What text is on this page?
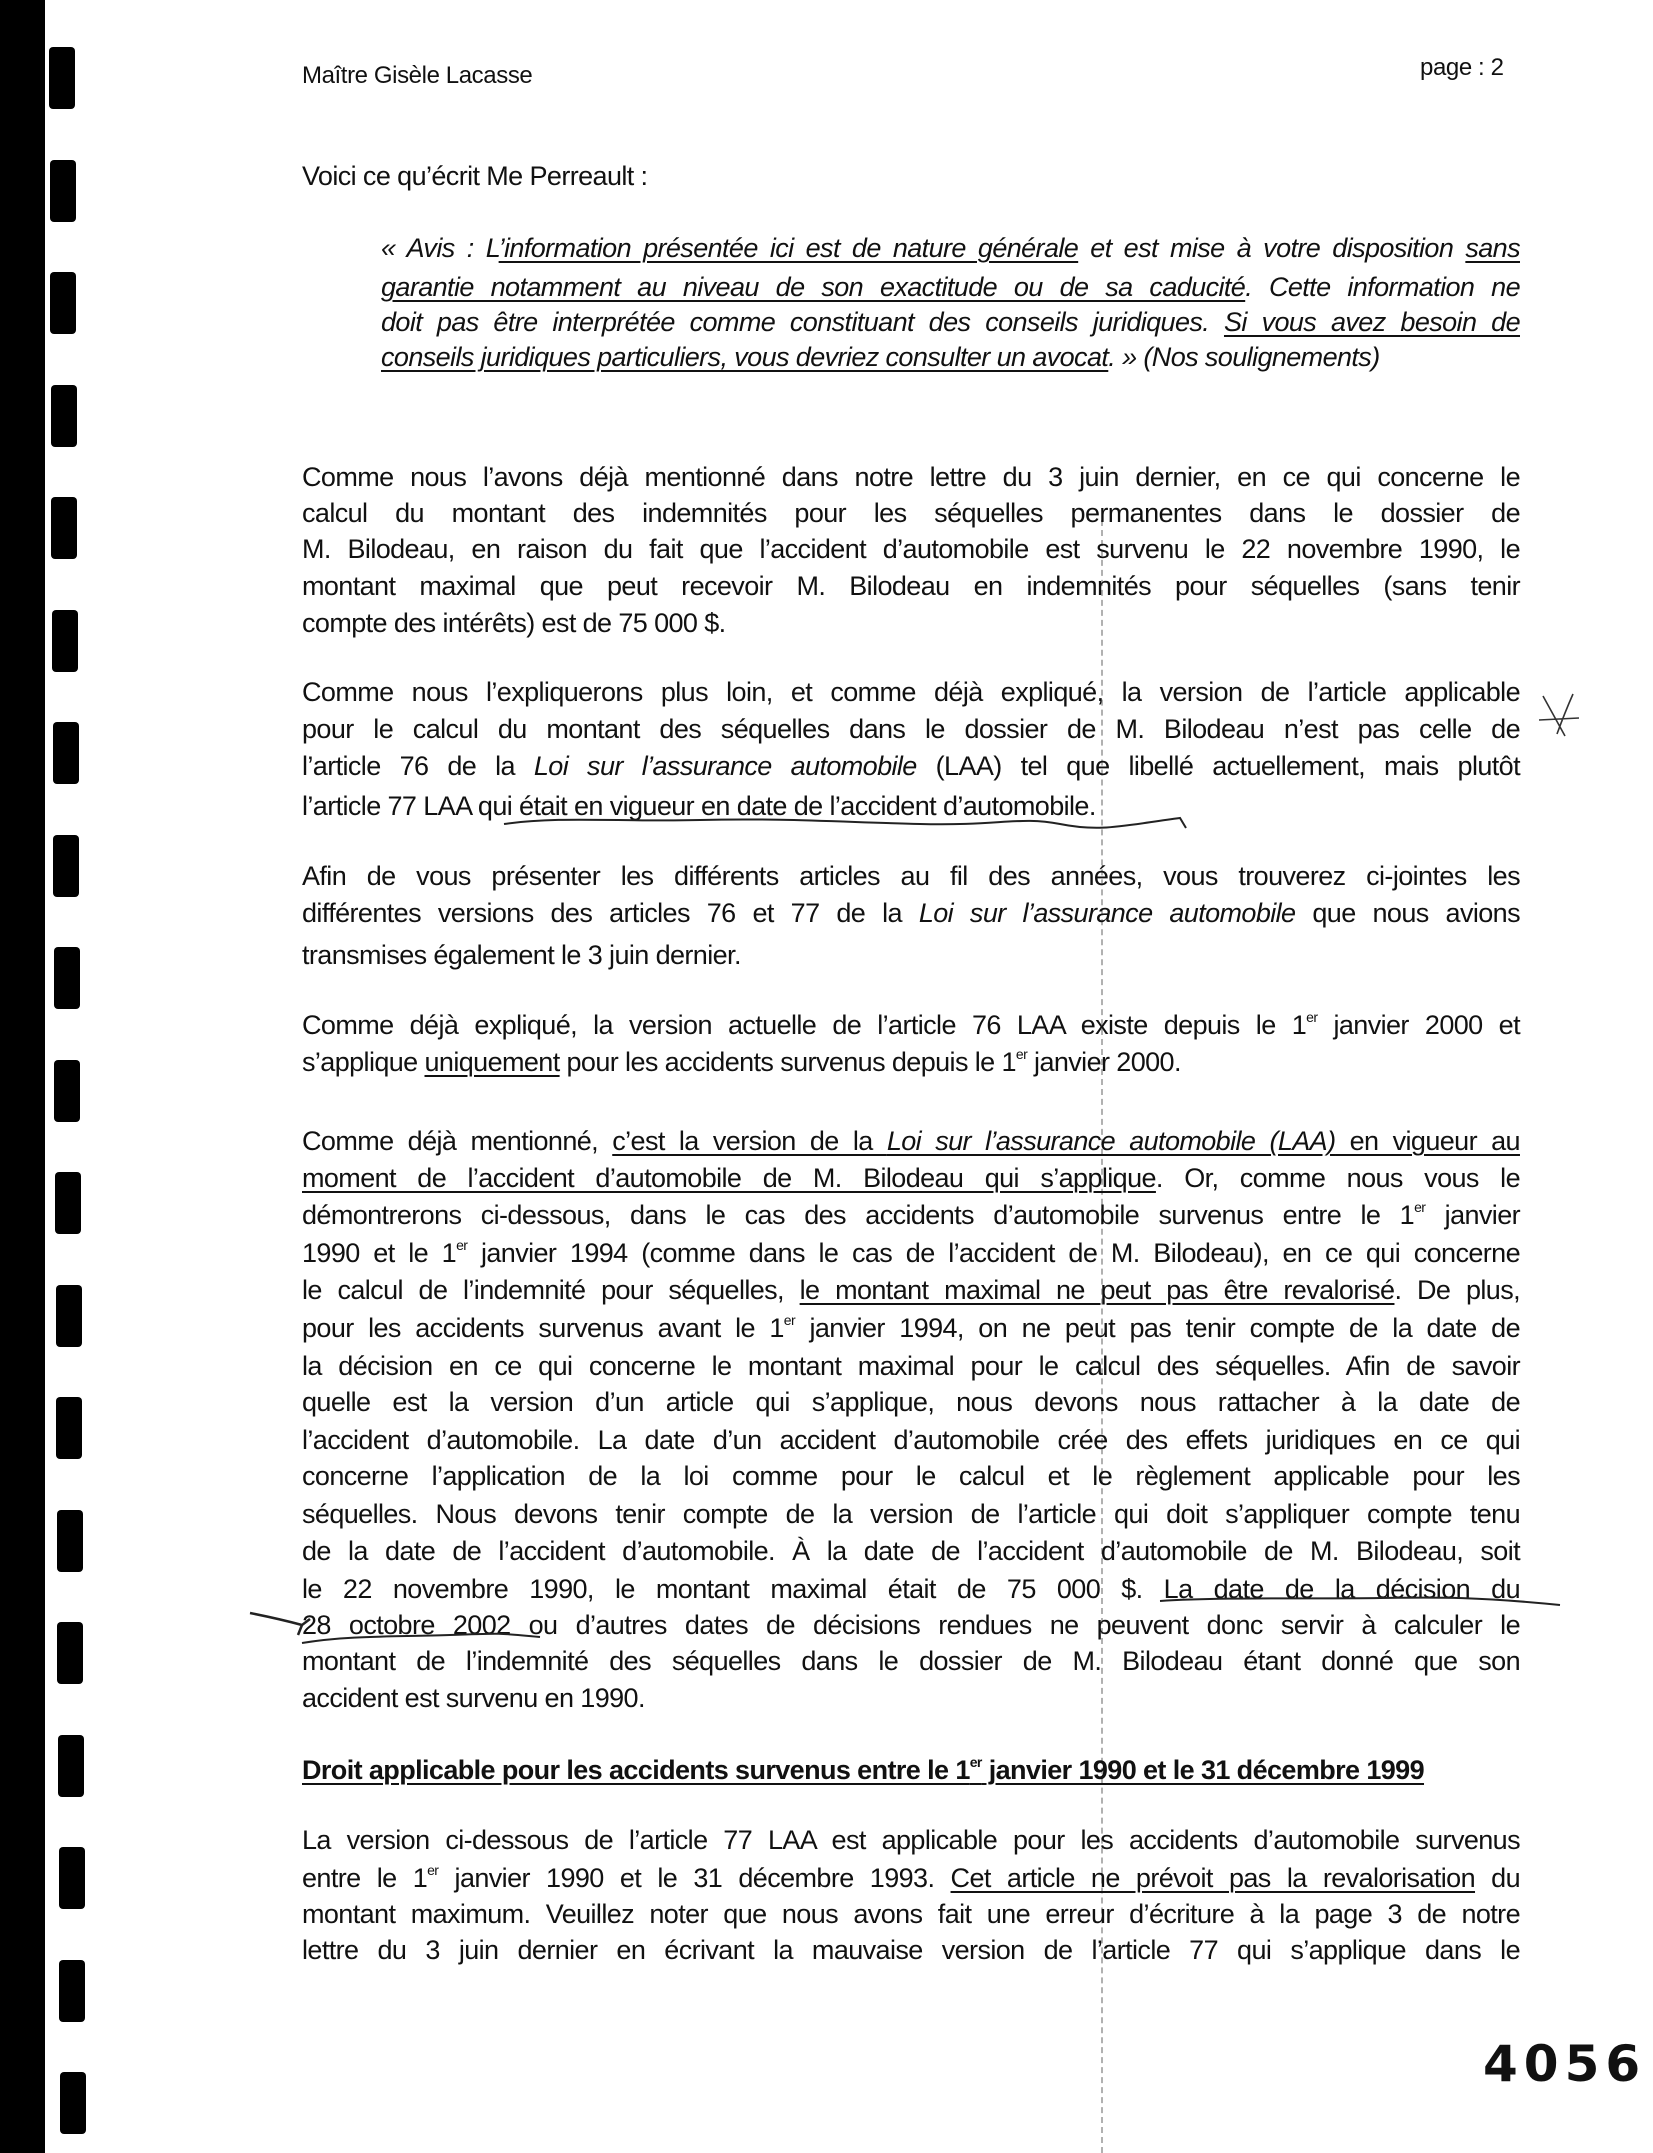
Maître Gisèle Lacasse	page : 2
Voici ce qu’écrit Me Perreault :
« Avis : L’information présentée ici est de nature générale et est mise à votre disposition sans
garantie notamment au niveau de son exactitude ou de sa caducité. Cette information ne
doit pas être interprétée comme constituant des conseils juridiques. Si vous avez besoin de
conseils juridiques particuliers, vous devriez consulter un avocat. » (Nos soulignements)
Comme nous l’avons déjà mentionné dans notre lettre du 3 juin dernier, en ce qui concerne le
calcul du montant des indemnités pour les séquelles permanentes dans le dossier de
M. Bilodeau, en raison du fait que l’accident d’automobile est survenu le 22 novembre 1990, le
montant maximal que peut recevoir M. Bilodeau en indemnités pour séquelles (sans tenir
compte des intérêts) est de 75 000 $.
Comme nous l’expliquerons plus loin, et comme déjà expliqué, la version de l’article applicable
pour le calcul du montant des séquelles dans le dossier de M. Bilodeau n’est pas celle de
l’article 76 de la Loi sur l’assurance automobile (LAA) tel que libellé actuellement, mais plutôt
l’article 77 LAA qui était en vigueur en date de l’accident d’automobile.
Afin de vous présenter les différents articles au fil des années, vous trouverez ci-jointes les
différentes versions des articles 76 et 77 de la Loi sur l’assurance automobile que nous avions
transmises également le 3 juin dernier.
Comme déjà expliqué, la version actuelle de l’article 76 LAA existe depuis le 1er janvier 2000 et
s’applique uniquement pour les accidents survenus depuis le 1er janvier 2000.
Comme déjà mentionné, c’est la version de la Loi sur l’assurance automobile (LAA) en vigueur au
moment de l’accident d’automobile de M. Bilodeau qui s’applique. Or, comme nous vous le
démontrerons ci-dessous, dans le cas des accidents d’automobile survenus entre le 1er janvier
1990 et le 1er janvier 1994 (comme dans le cas de l’accident de M. Bilodeau), en ce qui concerne
le calcul de l’indemnité pour séquelles, le montant maximal ne peut pas être revalorisé. De plus,
pour les accidents survenus avant le 1er janvier 1994, on ne peut pas tenir compte de la date de
la décision en ce qui concerne le montant maximal pour le calcul des séquelles. Afin de savoir
quelle est la version d’un article qui s’applique, nous devons nous rattacher à la date de
l’accident d’automobile. La date d’un accident d’automobile crée des effets juridiques en ce qui
concerne l’application de la loi comme pour le calcul et le règlement applicable pour les
séquelles. Nous devons tenir compte de la version de l’article qui doit s’appliquer compte tenu
de la date de l’accident d’automobile. À la date de l’accident d’automobile de M. Bilodeau, soit
le 22 novembre 1990, le montant maximal était de 75 000 $. La date de la décision du
28 octobre 2002 ou d’autres dates de décisions rendues ne peuvent donc servir à calculer le
montant de l’indemnité des séquelles dans le dossier de M. Bilodeau étant donné que son
accident est survenu en 1990.
Droit applicable pour les accidents survenus entre le 1er janvier 1990 et le 31 décembre 1999
La version ci-dessous de l’article 77 LAA est applicable pour les accidents d’automobile survenus
entre le 1er janvier 1990 et le 31 décembre 1993. Cet article ne prévoit pas la revalorisation du
montant maximum. Veuillez noter que nous avons fait une erreur d’écriture à la page 3 de notre
lettre du 3 juin dernier en écrivant la mauvaise version de l’article 77 qui s’applique dans le
4056
